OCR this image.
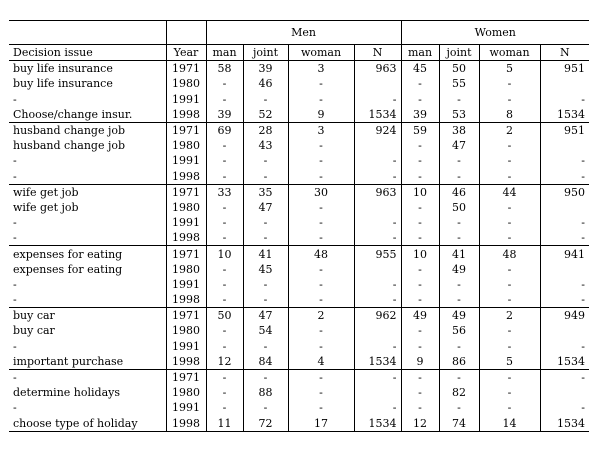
		Men				Women			
Decision issue	Year	man	joint	woman	N	man	joint	woman	N
buy life insurance	1971	58	39	3	963	45	50	5	951
buy life insurance	1980	-	46	-		-	55	-	
-	1991	-	-	-	-	-	-	-	-
Choose/change insur.	1998	39	52	9	1534	39	53	8	1534
husband change job	1971	69	28	3	924	59	38	2	951
husband change job	1980	-	43	-		-	47	-	
-	1991	-	-	-	-	-	-	-	-
-	1998	-	-	-	-	-	-	-	-
wife get job	1971	33	35	30	963	10	46	44	950
wife get job	1980	-	47	-		-	50	-	
-	1991	-	-	-	-	-	-	-	-
-	1998	-	-	-	-	-	-	-	-
expenses for eating	1971	10	41	48	955	10	41	48	941
expenses for eating	1980	-	45	-		-	49	-	
-	1991	-	-	-	-	-	-	-	-
-	1998	-	-	-	-	-	-	-	-
buy car	1971	50	47	2	962	49	49	2	949
buy car	1980	-	54	-		-	56	-	
-	1991	-	-	-	-	-	-	-	-
important purchase	1998	12	84	4	1534	9	86	5	1534
-	1971	-	-	-	-	-	-	-	-
determine holidays	1980	-	88	-		-	82	-	
-	1991	-	-	-	-	-	-	-	-
choose type of holiday	1998	11	72	17	1534	12	74	14	1534
